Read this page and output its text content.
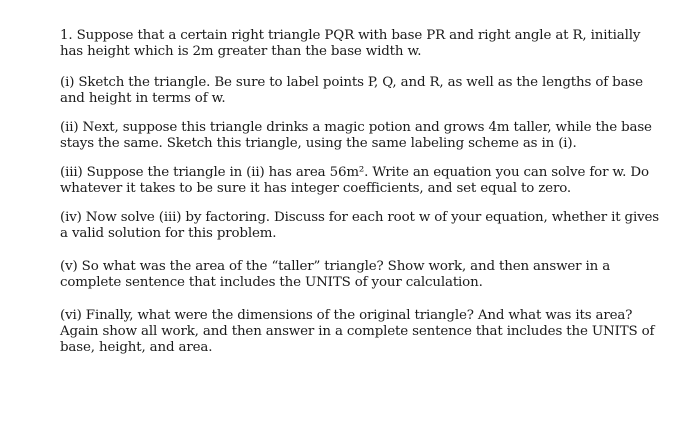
1. Suppose that a certain right triangle PQR with base PR and right angle at R, initially has height which is 2m greater than the base width w.

(i) Sketch the triangle. Be sure to label points P, Q, and R, as well as the lengths of base and height in terms of w.

(ii) Next, suppose this triangle drinks a magic potion and grows 4m taller, while the base stays the same. Sketch this triangle, using the same labeling scheme as in (i).

(iii) Suppose the triangle in (ii) has area 56m². Write an equation you can solve for w. Do whatever it takes to be sure it has integer coefficients, and set equal to zero.

(iv) Now solve (iii) by factoring. Discuss for each root w of your equation, whether it gives a valid solution for this problem.

(v) So what was the area of the “taller” triangle? Show work, and then answer in a complete sentence that includes the UNITS of your calculation.

(vi) Finally, what were the dimensions of the original triangle? And what was its area? Again show all work, and then answer in a complete sentence that includes the UNITS of base, height, and area.
